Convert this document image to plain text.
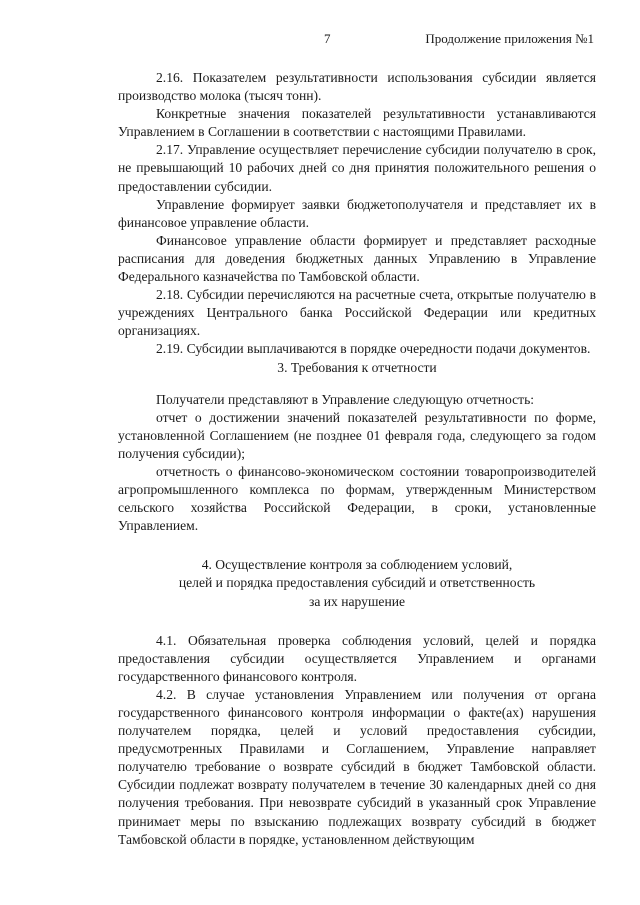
7	Продолжение приложения №1

2.16. Показателем результативности использования субсидии является производство молока (тысяч тонн).

Конкретные значения показателей результативности устанавливаются Управлением в Соглашении в соответствии с настоящими Правилами.

2.17. Управление осуществляет перечисление субсидии получателю в срок, не превышающий 10 рабочих дней со дня принятия положительного решения о предоставлении субсидии.

Управление формирует заявки бюджетополучателя и представляет их в финансовое управление области.

Финансовое управление области формирует и представляет расходные расписания для доведения бюджетных данных Управлению в Управление Федерального казначейства по Тамбовской области.

2.18. Субсидии перечисляются на расчетные счета, открытые получателю в учреждениях Центрального банка Российской Федерации или кредитных организациях.

2.19. Субсидии выплачиваются в порядке очередности подачи документов.

3. Требования к отчетности

Получатели представляют в Управление следующую отчетность:

отчет о достижении значений показателей результативности по форме, установленной Соглашением (не позднее 01 февраля года, следующего за годом получения субсидии);

отчетность о финансово-экономическом состоянии товаропроизводителей агропромышленного комплекса по формам, утвержденным Министерством сельского хозяйства Российской Федерации, в сроки, установленные Управлением.

4. Осуществление контроля за соблюдением условий,

целей и порядка предоставления субсидий и ответственность

за их нарушение

4.1. Обязательная проверка соблюдения условий, целей и порядка предоставления субсидии осуществляется Управлением и органами государственного финансового контроля.

4.2. В случае установления Управлением или получения от органа государственного финансового контроля информации о факте(ах) нарушения получателем порядка, целей и условий предоставления субсидии, предусмотренных Правилами и Соглашением, Управление направляет получателю требование о возврате субсидий в бюджет Тамбовской области. Субсидии подлежат возврату получателем в течение 30 календарных дней со дня получения требования. При невозврате субсидий в указанный срок Управление принимает меры по взысканию подлежащих возврату субсидий в бюджет Тамбовской области в порядке, установленном действующим
